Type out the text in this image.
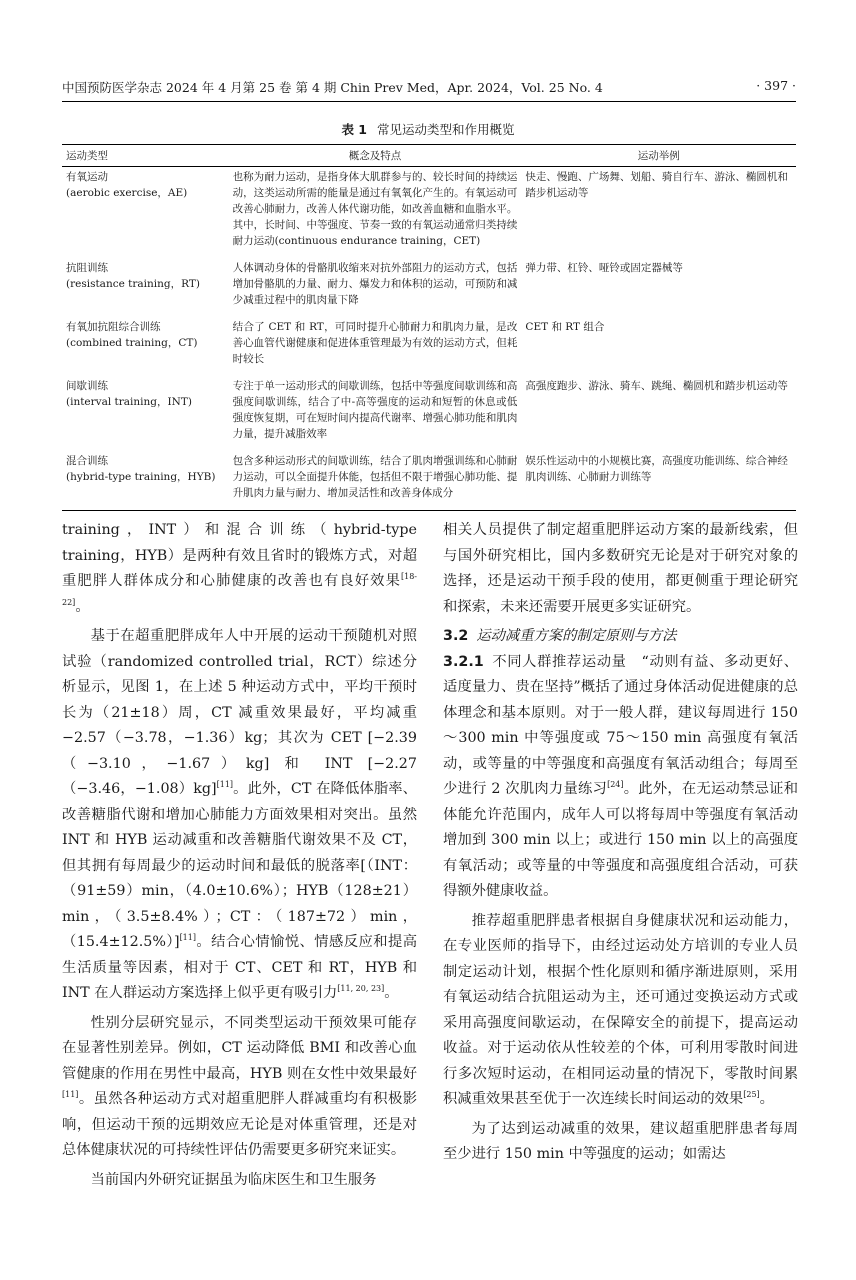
中国预防医学杂志 2024 年 4 月第 25 卷 第 4 期 Chin Prev Med，Apr. 2024，Vol. 25 No. 4	· 397 ·
表 1 常见运动类型和作用概览
运动类型	概念及特点	运动举例
有氧运动
(aerobic exercise，AE)	也称为耐力运动，是指身体大肌群参与的、较长时间的持续运动，这类运动所需的能量是通过有氧氧化产生的。有氧运动可改善心肺耐力，改善人体代谢功能，如改善血糖和血脂水平。其中，长时间、中等强度、节奏一致的有氧运动通常归类持续耐力运动(continuous endurance training，CET)	快走、慢跑、广场舞、划船、骑自行车、游泳、椭圆机和踏步机运动等
抗阻训练
(resistance training，RT)	人体调动身体的骨骼肌收缩来对抗外部阻力的运动方式，包括增加骨骼肌的力量、耐力、爆发力和体积的运动，可预防和减少减重过程中的肌肉量下降	弹力带、杠铃、哑铃或固定器械等
有氧加抗阻综合训练
(combined training，CT)	结合了 CET 和 RT，可同时提升心肺耐力和肌肉力量，是改善心血管代谢健康和促进体重管理最为有效的运动方式，但耗时较长	CET 和 RT 组合
间歇训练
(interval training，INT)	专注于单一运动形式的间歇训练，包括中等强度间歇训练和高强度间歇训练，结合了中-高等强度的运动和短暂的休息或低强度恢复期，可在短时间内提高代谢率、增强心肺功能和肌肉力量，提升减脂效率	高强度跑步、游泳、骑车、跳绳、椭圆机和踏步机运动等
混合训练
(hybrid-type training，HYB)	包含多种运动形式的间歇训练，结合了肌肉增强训练和心肺耐力运动，可以全面提升体能，包括但不限于增强心肺功能、提升肌肉力量与耐力、增加灵活性和改善身体成分	娱乐性运动中的小规模比赛，高强度功能训练、综合神经肌肉训练、心肺耐力训练等

training，INT）和混合训练（hybrid-type training，HYB）是两种有效且省时的锻炼方式，对超重肥胖人群体成分和心肺健康的改善也有良好效果[18-22]。

基于在超重肥胖成年人中开展的运动干预随机对照试验（randomized controlled trial，RCT）综述分析显示，见图 1，在上述 5 种运动方式中，平均干预时长为（21±18）周，CT 减重效果最好，平均减重 −2.57（−3.78，−1.36）kg；其次为 CET [−2.39（−3.10，−1.67）kg] 和 INT [−2.27（−3.46，−1.08）kg][11]。此外，CT 在降低体脂率、改善糖脂代谢和增加心肺能力方面效果相对突出。虽然 INT 和 HYB 运动减重和改善糖脂代谢效果不及 CT，但其拥有每周最少的运动时间和最低的脱落率[（INT：（91±59）min，（4.0±10.6%）；HYB（128±21）min，（3.5±8.4%）；CT：（187±72）min，（15.4±12.5%）][11]。结合心情愉悦、情感反应和提高生活质量等因素，相对于 CT、CET 和 RT，HYB 和 INT 在人群运动方案选择上似乎更有吸引力[11, 20, 23]。

性别分层研究显示，不同类型运动干预效果可能存在显著性别差异。例如，CT 运动降低 BMI 和改善心血管健康的作用在男性中最高，HYB 则在女性中效果最好[11]。虽然各种运动方式对超重肥胖人群减重均有积极影响，但运动干预的远期效应无论是对体重管理，还是对总体健康状况的可持续性评估仍需要更多研究来证实。

当前国内外研究证据虽为临床医生和卫生服务

相关人员提供了制定超重肥胖运动方案的最新线索，但与国外研究相比，国内多数研究无论是对于研究对象的选择，还是运动干预手段的使用，都更侧重于理论研究和探索，未来还需要开展更多实证研究。

3.2 运动减重方案的制定原则与方法

3.2.1 不同人群推荐运动量　“动则有益、多动更好、适度量力、贵在坚持”概括了通过身体活动促进健康的总体理念和基本原则。对于一般人群，建议每周进行 150～300 min 中等强度或 75～150 min 高强度有氧活动，或等量的中等强度和高强度有氧活动组合；每周至少进行 2 次肌肉力量练习[24]。此外，在无运动禁忌证和体能允许范围内，成年人可以将每周中等强度有氧活动增加到 300 min 以上；或进行 150 min 以上的高强度有氧活动；或等量的中等强度和高强度组合活动，可获得额外健康收益。

推荐超重肥胖患者根据自身健康状况和运动能力，在专业医师的指导下，由经过运动处方培训的专业人员制定运动计划，根据个性化原则和循序渐进原则，采用有氧运动结合抗阻运动为主，还可通过变换运动方式或采用高强度间歇运动，在保障安全的前提下，提高运动收益。对于运动依从性较差的个体，可利用零散时间进行多次短时运动，在相同运动量的情况下，零散时间累积减重效果甚至优于一次连续长时间运动的效果[25]。

为了达到运动减重的效果，建议超重肥胖患者每周至少进行 150 min 中等强度的运动；如需达
